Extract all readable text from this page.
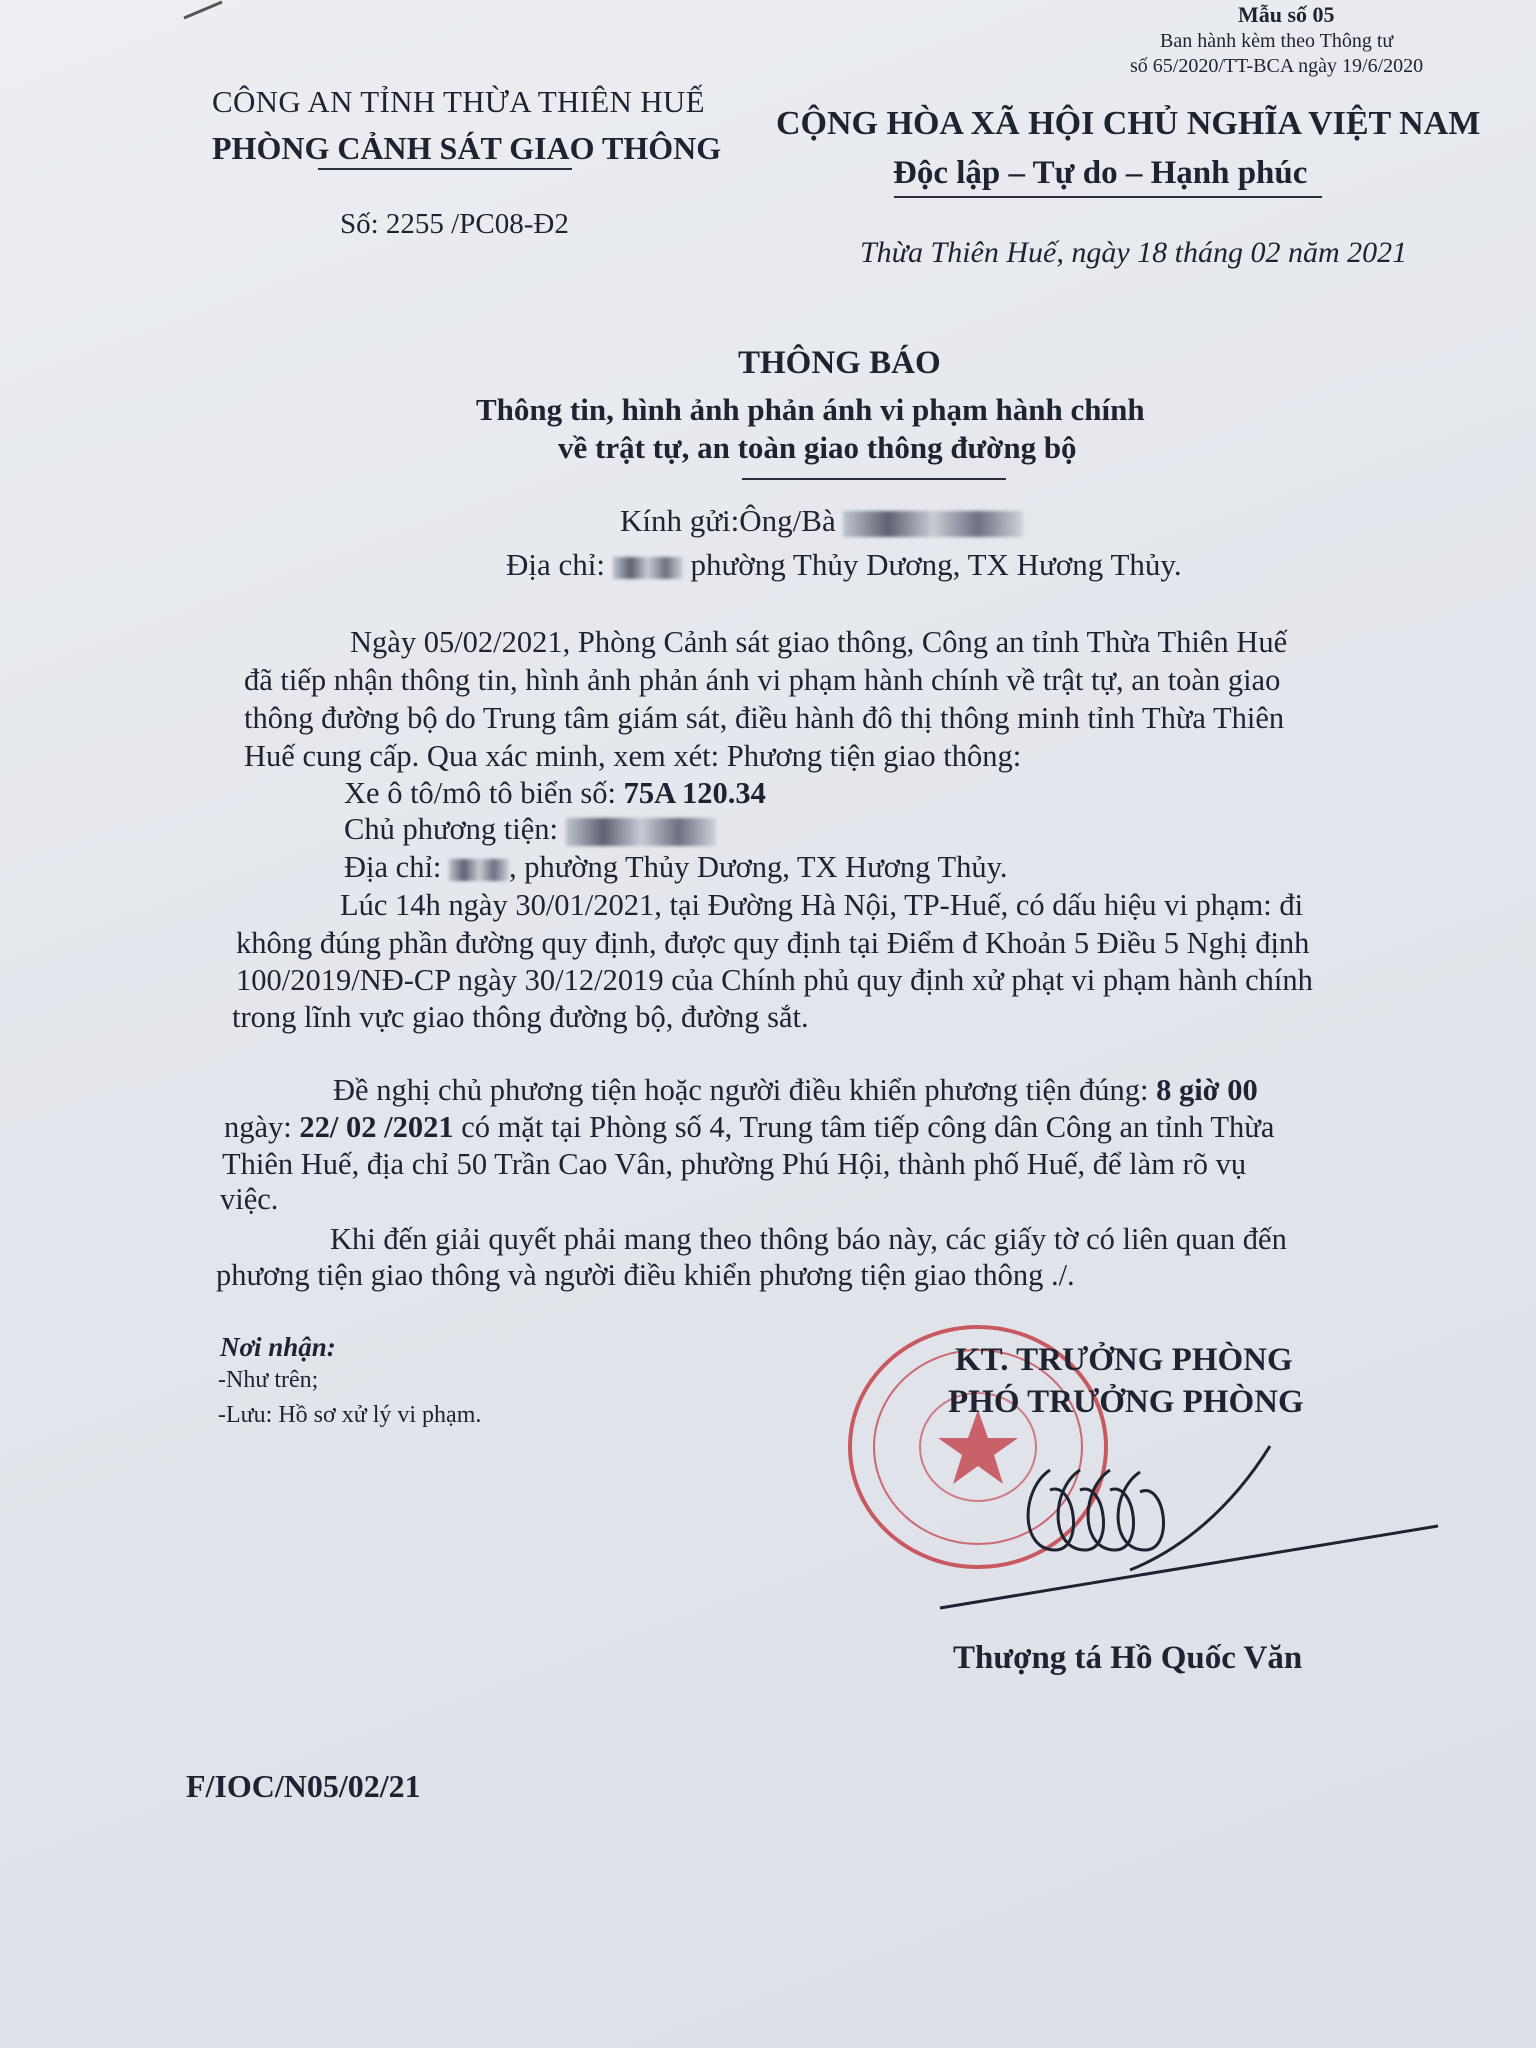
Mẫu số 05
Ban hành kèm theo Thông tư
số 65/2020/TT-BCA ngày 19/6/2020
CÔNG AN TỈNH THỪA THIÊN HUẾ
PHÒNG CẢNH SÁT GIAO THÔNG
CỘNG HÒA XÃ HỘI CHỦ NGHĨA VIỆT NAM
Độc lập – Tự do – Hạnh phúc
Số: 2255 /PC08-Đ2
Thừa Thiên Huế, ngày 18 tháng 02 năm 2021
THÔNG BÁO
Thông tin, hình ảnh phản ánh vi phạm hành chính
về trật tự, an toàn giao thông đường bộ
Kính gửi:Ông/Bà
Địa chỉ:	phường Thủy Dương, TX Hương Thủy.
Ngày 05/02/2021, Phòng Cảnh sát giao thông, Công an tỉnh Thừa Thiên Huế
đã tiếp nhận thông tin, hình ảnh phản ánh vi phạm hành chính về trật tự, an toàn giao
thông đường bộ do Trung tâm giám sát, điều hành đô thị thông minh tỉnh Thừa Thiên
Huế cung cấp. Qua xác minh, xem xét: Phương tiện giao thông:
Xe ô tô/mô tô biển số: 75A 120.34
Chủ phương tiện:
Địa chỉ: , phường Thủy Dương, TX Hương Thủy.
Lúc 14h ngày 30/01/2021, tại Đường Hà Nội, TP-Huế, có dấu hiệu vi phạm: đi
không đúng phần đường quy định, được quy định tại Điểm đ Khoản 5 Điều 5 Nghị định
100/2019/NĐ-CP ngày 30/12/2019 của Chính phủ quy định xử phạt vi phạm hành chính
trong lĩnh vực giao thông đường bộ, đường sắt.
Đề nghị chủ phương tiện hoặc người điều khiển phương tiện đúng: 8 giờ 00
ngày: 22/ 02 /2021 có mặt tại Phòng số 4, Trung tâm tiếp công dân Công an tỉnh Thừa
Thiên Huế, địa chỉ 50 Trần Cao Vân, phường Phú Hội, thành phố Huế, để làm rõ vụ
việc.
Khi đến giải quyết phải mang theo thông báo này, các giấy tờ có liên quan đến
phương tiện giao thông và người điều khiển phương tiện giao thông ./.
Nơi nhận:
-Như trên;
-Lưu: Hồ sơ xử lý vi phạm.
KT. TRƯỞNG PHÒNG
PHÓ TRƯỞNG PHÒNG
Thượng tá Hồ Quốc Văn
F/IOC/N05/02/21
